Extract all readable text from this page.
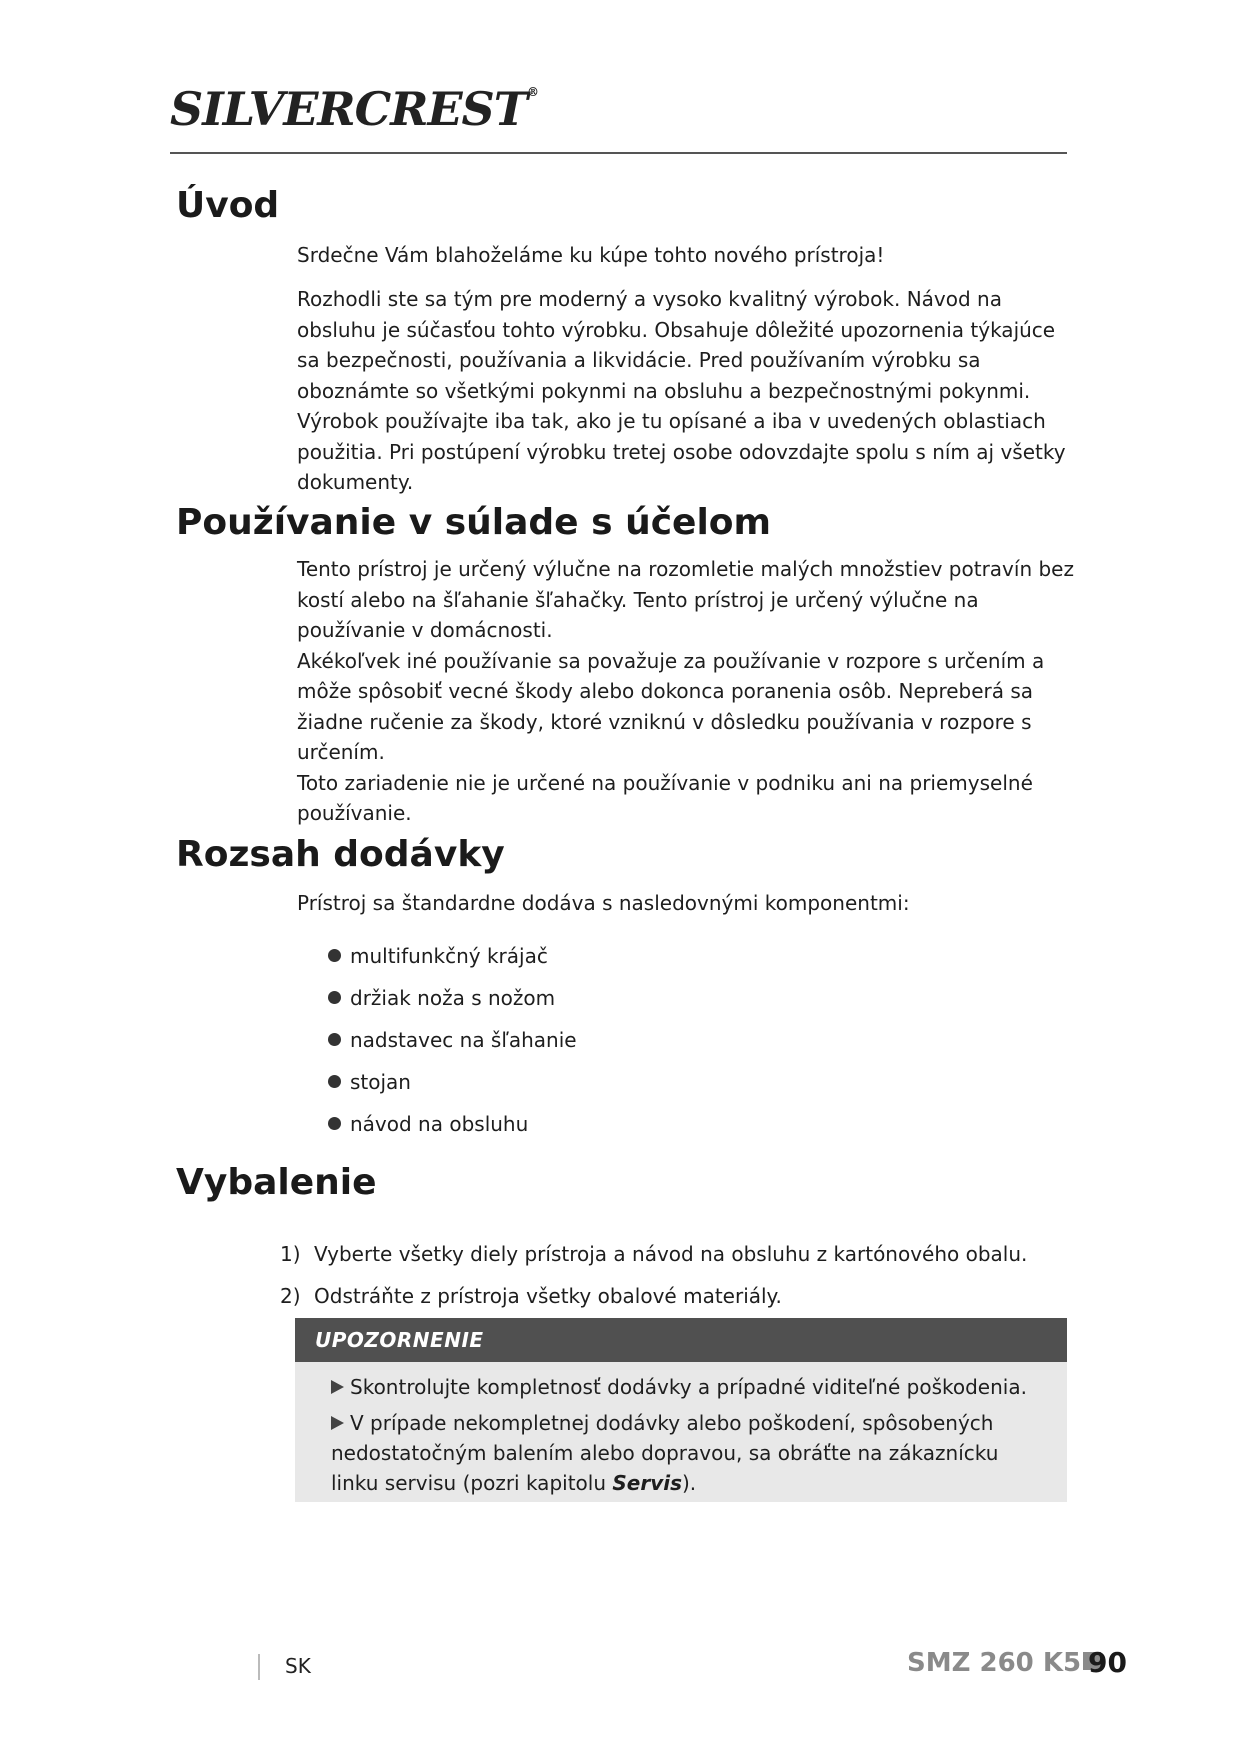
SILVERCREST®
Úvod

Srdečne Vám blahoželáme ku kúpe tohto nového prístroja!

Rozhodli ste sa tým pre moderný a vysoko kvalitný výrobok. Návod na obsluhu je súčasťou tohto výrobku. Obsahuje dôležité upozornenia týkajúce sa bezpečnosti, používania a likvidácie. Pred používaním výrobku sa oboznámte so všetkými pokynmi na obsluhu a bezpečnostnými pokynmi. Výrobok používajte iba tak, ako je tu opísané a iba v uvedených oblastiach použitia. Pri postúpení výrobku tretej osobe odovzdajte spolu s ním aj všetky dokumenty.

Používanie v súlade s účelom
Tento prístroj je určený výlučne na rozomletie malých množstiev potravín bez kostí alebo na šľahanie šľahačky. Tento prístroj je určený výlučne na používanie v domácnosti.
Akékoľvek iné používanie sa považuje za používanie v rozpore s určením a môže spôsobiť vecné škody alebo dokonca poranenia osôb. Nepreberá sa žiadne ručenie za škody, ktoré vzniknú v dôsledku používania v rozpore s určením.
Toto zariadenie nie je určené na používanie v podniku ani na priemyselné používanie.
Rozsah dodávky

Prístroj sa štandardne dodáva s nasledovnými komponentmi:

multifunkčný krájač
držiak noža s nožom
nadstavec na šľahanie
stojan
návod na obsluhu
Vybalenie
1) Vyberte všetky diely prístroja a návod na obsluhu z kartónového obalu.
2) Odstráňte z prístroja všetky obalové materiály.
UPOZORNENIE
Skontrolujte kompletnosť dodávky a prípadné viditeľné poškodenia.
V prípade nekompletnej dodávky alebo poškodení, spôsobených nedostatočným balením alebo dopravou, sa obráťte na zákaznícku linku servisu (pozri kapitolu Servis).
SK	SMZ 260 K5 90
